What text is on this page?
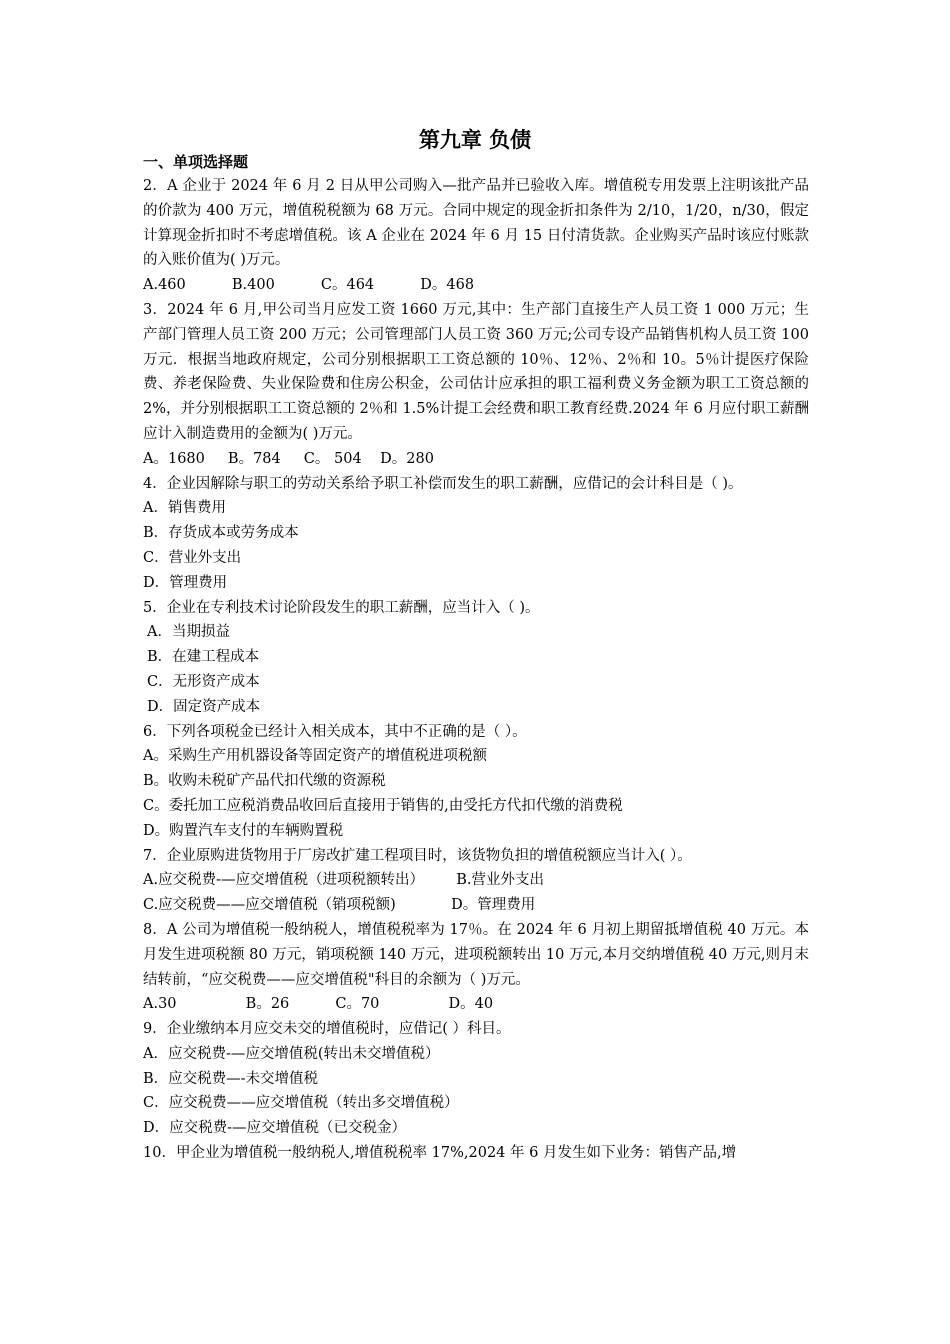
第九章 负债
一、单项选择题

2．A 企业于 2024 年 6 月 2 日从甲公司购入—批产品并已验收入库。增值税专用发票上注明该批产品的价款为 400 万元，增值税税额为 68 万元。合同中规定的现金折扣条件为 2/10，1/20，n/30，假定计算现金折扣时不考虑增值税。该 A 企业在 2024 年 6 月 15 日付清货款。企业购买产品时该应付账款的入账价值为( )万元。

A.460          B.400          C。464          D。468

3．2024 年 6 月,甲公司当月应发工资 1660 万元,其中：生产部门直接生产人员工资 1 000 万元；生产部门管理人员工资 200 万元；公司管理部门人员工资 360 万元;公司专设产品销售机构人员工资 100 万元．根据当地政府规定，公司分别根据职工工资总额的 10％、12％、2％和 10。5％计提医疗保险费、养老保险费、失业保险费和住房公积金，公司估计应承担的职工福利费义务金额为职工工资总额的 2%，并分别根据职工工资总额的 2％和 1.5%计提工会经费和职工教育经费.2024 年 6 月应付职工薪酬应计入制造费用的金额为( )万元。

A。1680     B。784     C。 504    D。280

4．企业因解除与职工的劳动关系给予职工补偿而发生的职工薪酬，应借记的会计科目是（ )。

A．销售费用

B．存货成本或劳务成本

C．营业外支出

D．管理费用

5．企业在专利技术讨论阶段发生的职工薪酬，应当计入（ )。

A．当期损益

B．在建工程成本

C．无形资产成本

D．固定资产成本

6．下列各项税金已经计入相关成本，其中不正确的是（ ）。

A。采购生产用机器设备等固定资产的增值税进项税额

B。收购未税矿产品代扣代缴的资源税

C。委托加工应税消费品收回后直接用于销售的,由受托方代扣代缴的消费税

D。购置汽车支付的车辆购置税

7．企业原购进货物用于厂房改扩建工程项目时，该货物负担的增值税额应当计入( ）。

A.应交税费-—应交增值税（进项税额转出）       B.营业外支出

C.应交税费——应交增值税（销项税额)            D。管理费用

8．A 公司为增值税一般纳税人，增值税税率为 17％。在 2024 年 6 月初上期留抵增值税 40 万元。本月发生进项税额 80 万元，销项税额 140 万元，进项税额转出 10 万元,本月交纳增值税 40 万元,则月末结转前，“应交税费——应交增值税"科目的余额为（ )万元。

A.30               B。26          C。70               D。40

9．企业缴纳本月应交未交的增值税时，应借记( ）科目。

A．应交税费-—应交增值税(转出未交增值税）

B．应交税费—-未交增值税

C．应交税费——应交增值税（转出多交增值税）

D．应交税费-—应交增值税（已交税金）

10．甲企业为增值税一般纳税人,增值税税率 17%,2024 年 6 月发生如下业务：销售产品,增
